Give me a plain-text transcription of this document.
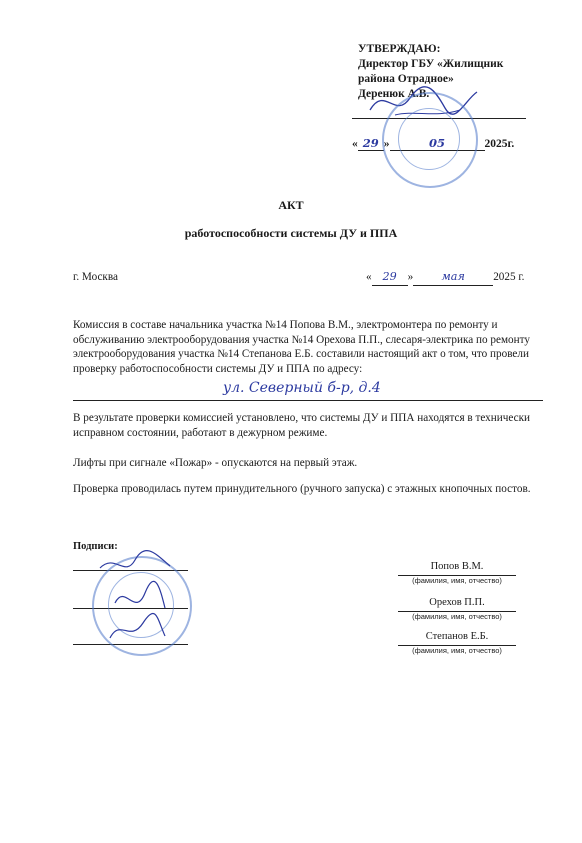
УТВЕРЖДАЮ:
Директор ГБУ «Жилищник
района Отрадное»
Деренюк А.В.
« 29 »	05	2025г.
АКТ
работоспособности системы ДУ и ППА
г. Москва	« 29 »	мая	2025 г.
Комиссия в составе начальника участка №14 Попова В.М., электромонтера по ремонту и обслуживанию электрооборудования участка №14 Орехова П.П., слесаря-электрика по ремонту электрооборудования участка №14 Степанова Е.Б. составили настоящий акт о том, что провели проверку работоспособности системы ДУ и ППА по адресу:
ул. Северный б-р, д.4
В результате проверки комиссией установлено, что системы ДУ и ППА находятся в технически исправном состоянии, работают в дежурном режиме.
Лифты при сигнале «Пожар» - опускаются на первый этаж.
Проверка проводилась путем принудительного (ручного запуска) с этажных кнопочных постов.
Подписи:
Попов В.М.
(фамилия, имя, отчество)
Орехов П.П.
(фамилия, имя, отчество)
Степанов Е.Б.
(фамилия, имя, отчество)
